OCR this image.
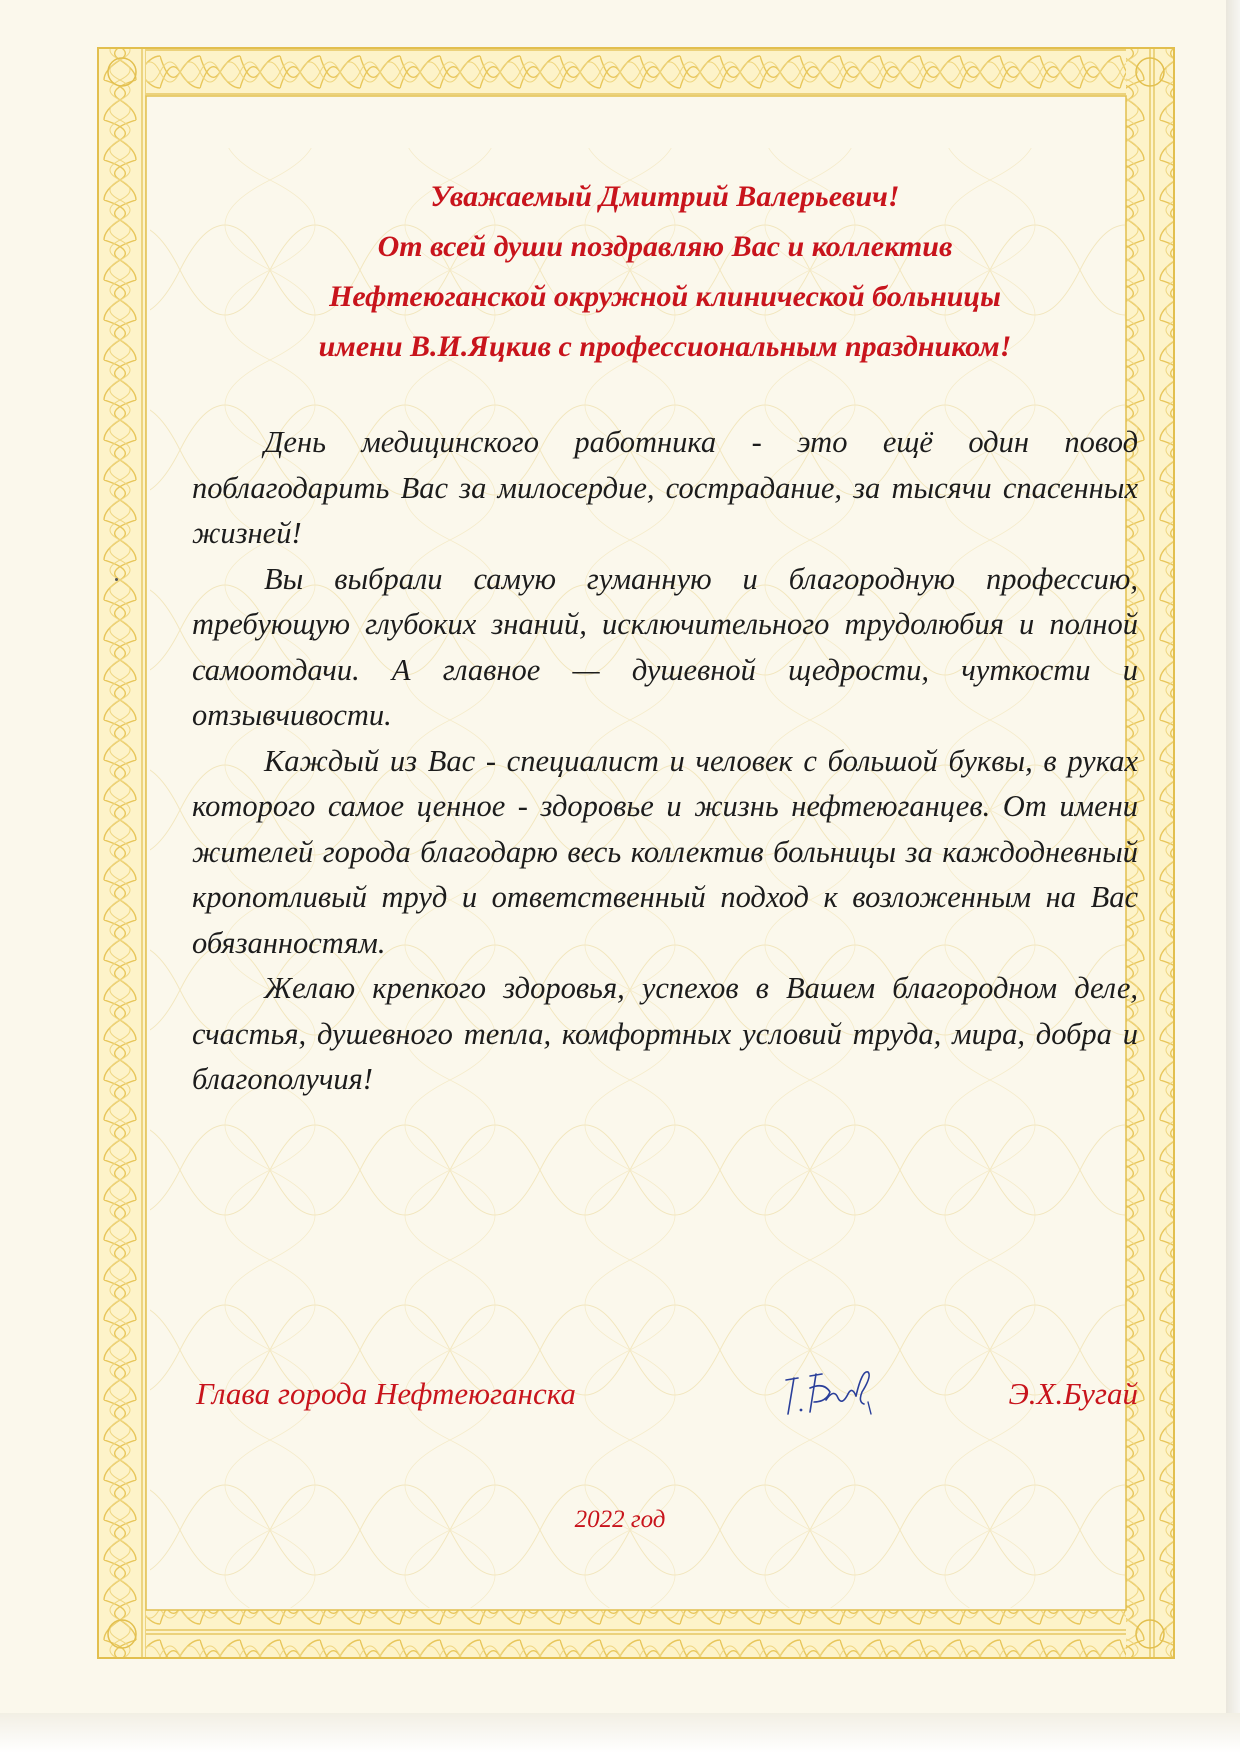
Уважаемый Дмитрий Валерьевич!
От всей души поздравляю Вас и коллектив
Нефтеюганской окружной клинической больницы
имени В.И.Яцкив с профессиональным праздником!

День медицинского работника - это ещё один повод поблагодарить Вас за милосердие, сострадание, за тысячи спасенных жизней!

Вы выбрали самую гуманную и благородную профессию, требующую глубоких знаний, исключительного трудолюбия и полной самоотдачи. А главное — душевной щедрости, чуткости и отзывчивости.

Каждый из Вас - специалист и человек с большой буквы, в руках которого самое ценное - здоровье и жизнь нефтеюганцев. От имени жителей города благодарю весь коллектив больницы за каждодневный кропотливый труд и ответственный подход к возложенным на Вас обязанностям.

Желаю крепкого здоровья, успехов в Вашем благородном деле, счастья, душевного тепла, комфортных условий труда, мира, добра и благополучия!

Глава города Нефтеюганска	Э.Х.Бугай
2022 год
